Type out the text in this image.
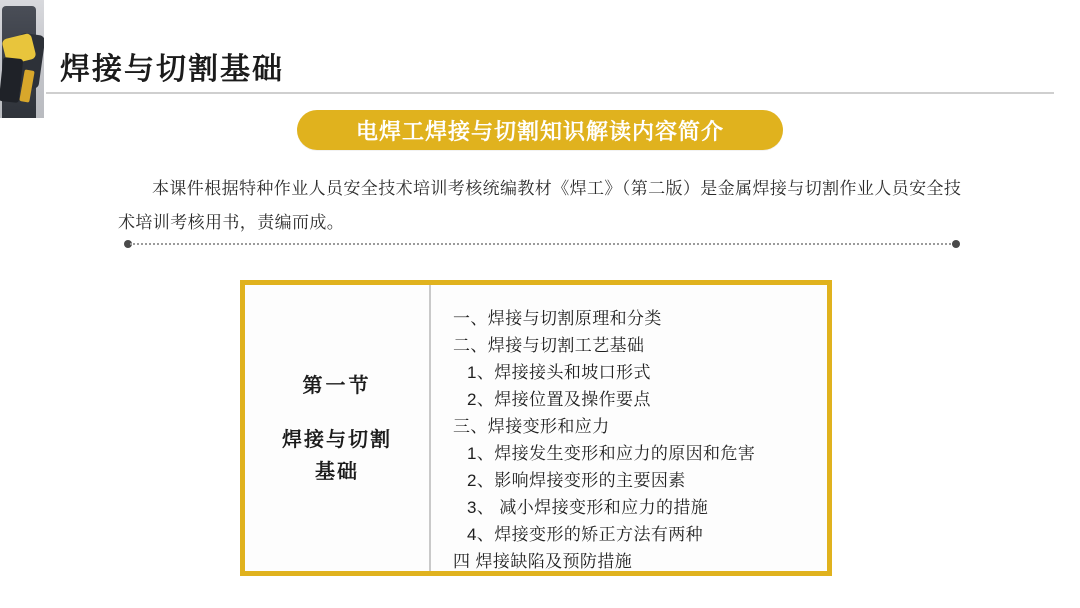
焊接与切割基础
电焊工焊接与切割知识解读内容简介

本课件根据特种作业人员安全技术培训考核统编教材《焊工》（第二版）是金属焊接与切割作业人员安全技术培训考核用书，责编而成。

第一节
焊接与切割基础
一、焊接与切割原理和分类
二、焊接与切割工艺基础
1、焊接接头和坡口形式
2、焊接位置及操作要点
三、焊接变形和应力
1、焊接发生变形和应力的原因和危害
2、影响焊接变形的主要因素
3、 减小焊接变形和应力的措施
4、焊接变形的矫正方法有两种
四 焊接缺陷及预防措施
